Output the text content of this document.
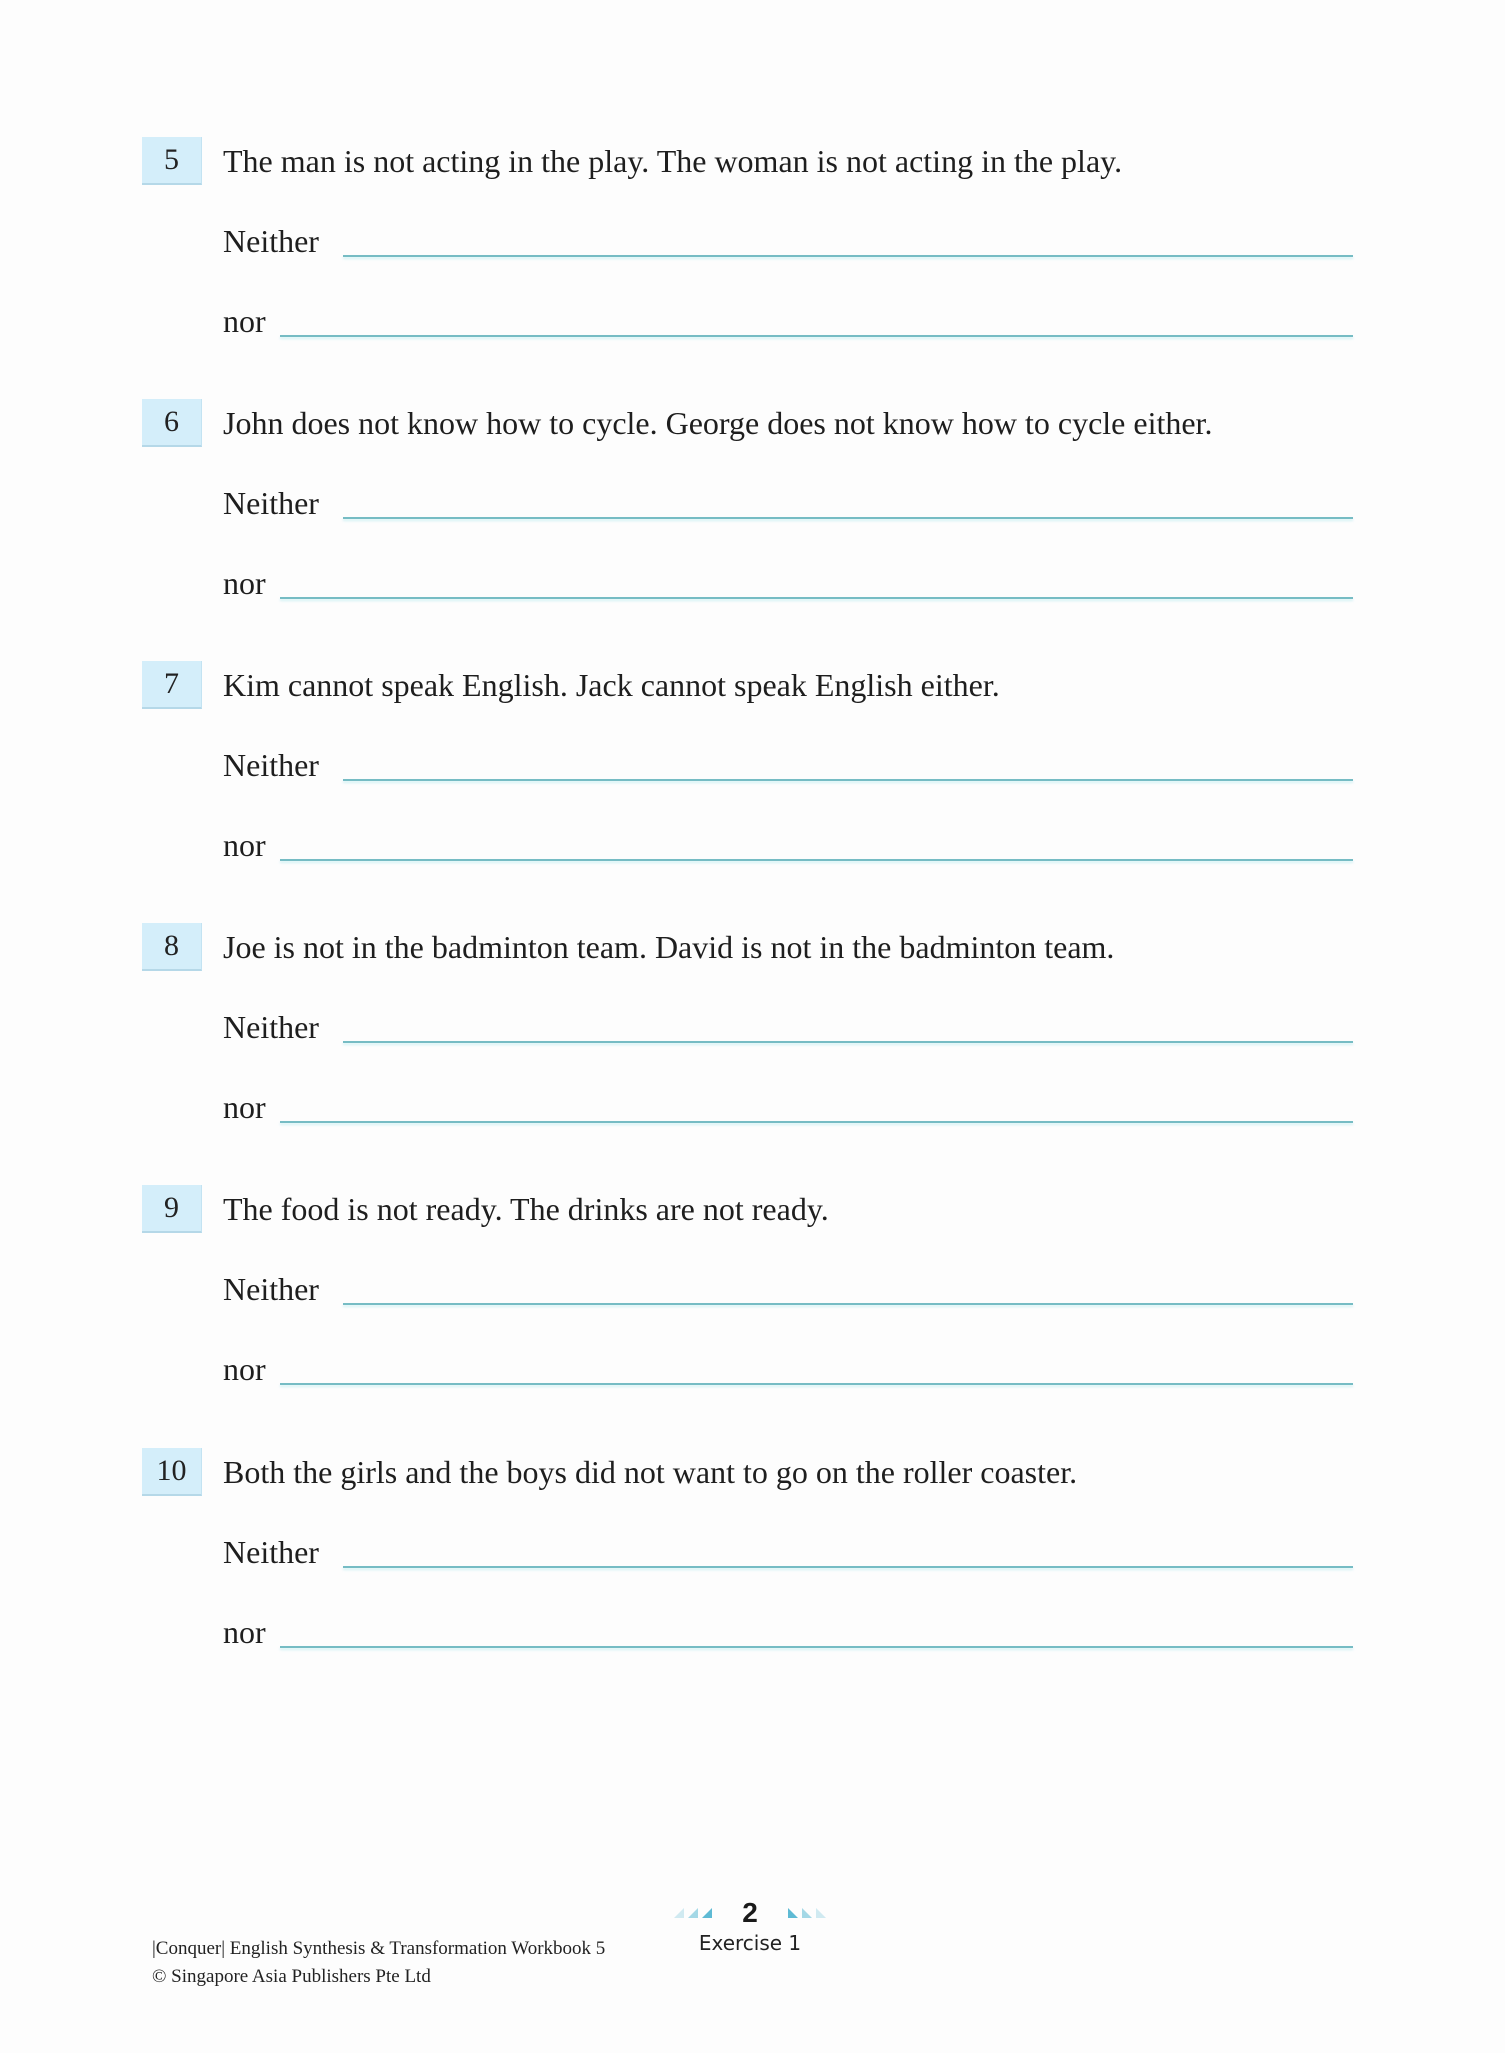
5	The man is not acting in the play. The woman is not acting in the play.
Neither
nor
6	John does not know how to cycle. George does not know how to cycle either.
Neither
nor
7	Kim cannot speak English. Jack cannot speak English either.
Neither
nor
8	Joe is not in the badminton team. David is not in the badminton team.
Neither
nor
9	The food is not ready. The drinks are not ready.
Neither
nor
10	Both the girls and the boys did not want to go on the roller coaster.
Neither
nor
|Conquer| English Synthesis & Transformation Workbook 5
© Singapore Asia Publishers Pte Ltd
2
Exercise 1
